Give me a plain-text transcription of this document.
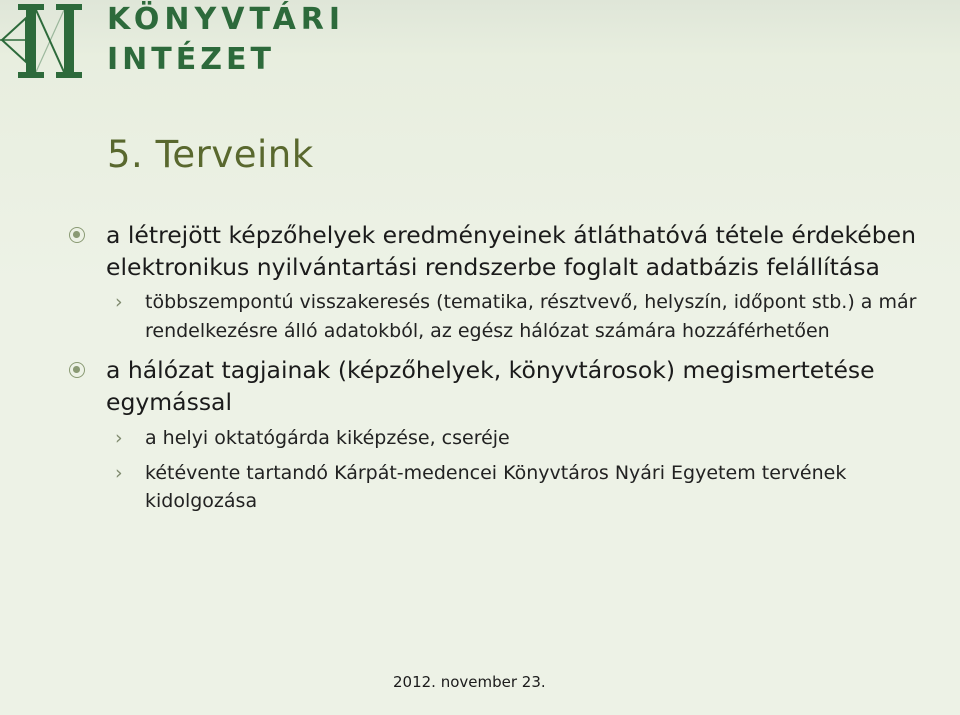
KÖNYVTÁRI
INTÉZET
5. Terveink
a létrejött képzőhelyek eredményeinek átláthatóvá tétele érdekében elektronikus nyilvántartási rendszerbe foglalt adatbázis felállítása
› többszempontú visszakeresés (tematika, résztvevő, helyszín, időpont stb.) a már rendelkezésre álló adatokból, az egész hálózat számára hozzáférhetően
a hálózat tagjainak (képzőhelyek, könyvtárosok) megismertetése egymással
› a helyi oktatógárda kiképzése, cseréje
› kétévente tartandó Kárpát-medencei Könyvtáros Nyári Egyetem tervének kidolgozása
2012. november 23.
